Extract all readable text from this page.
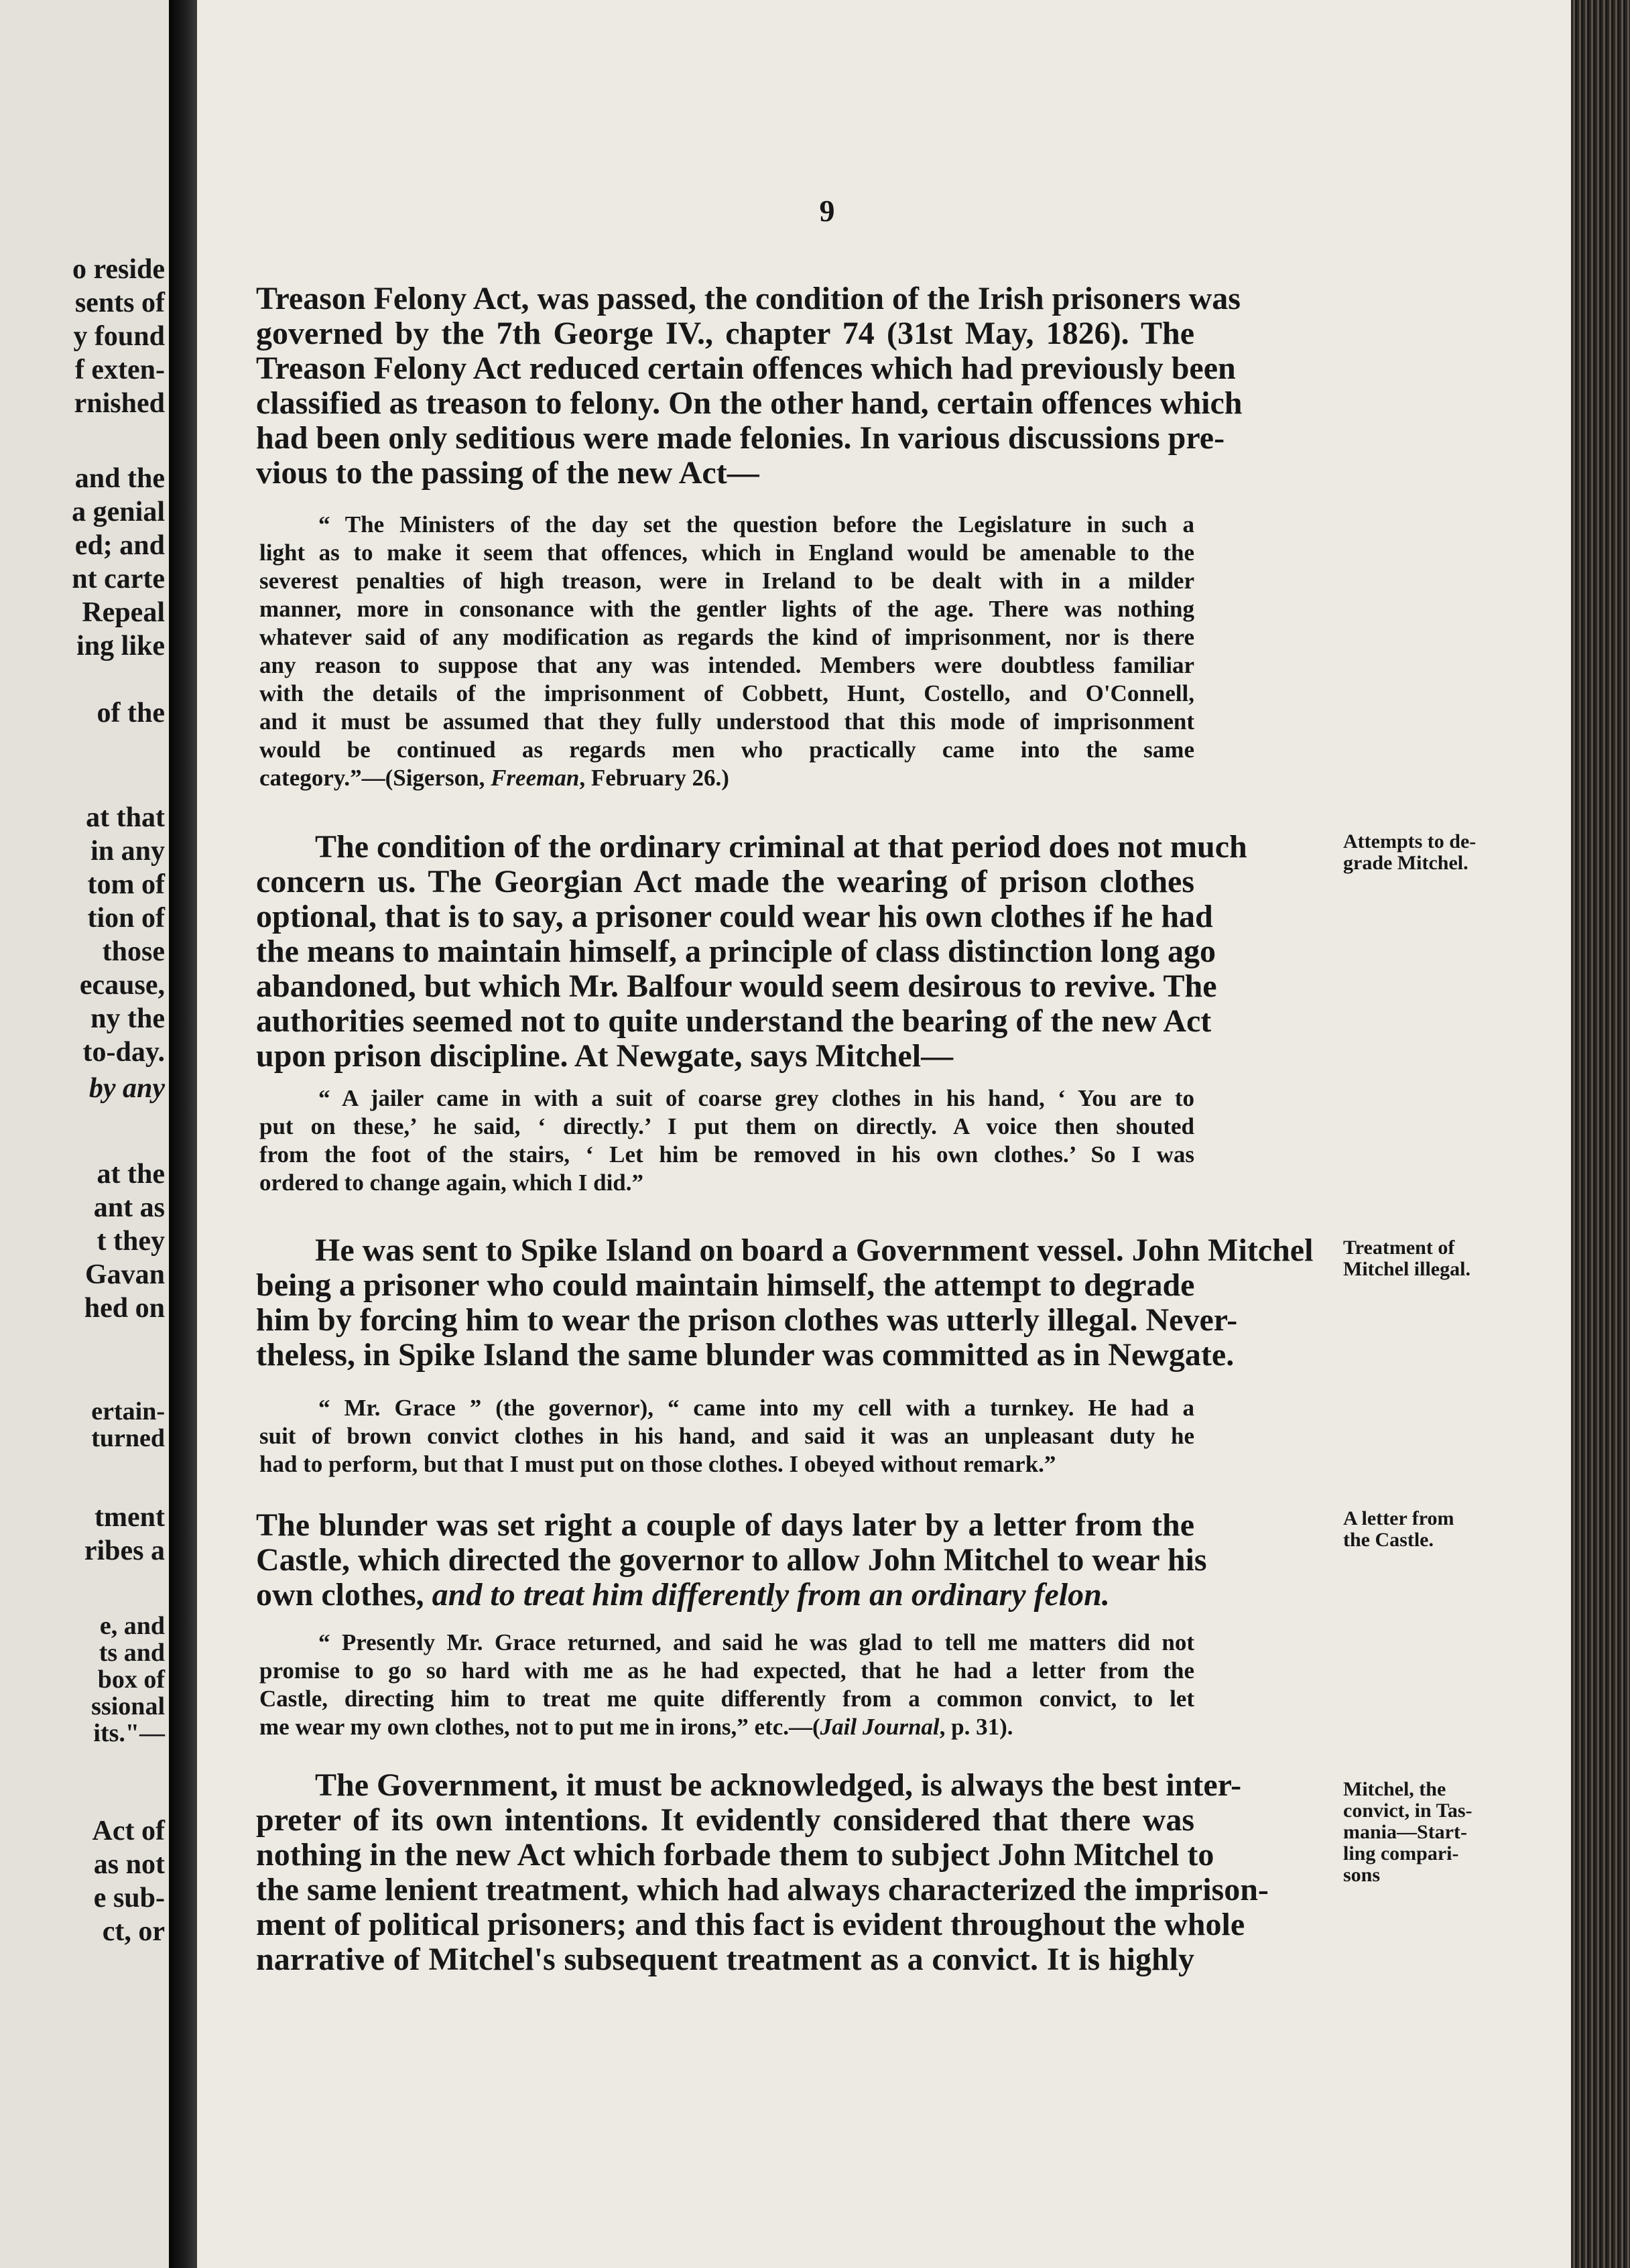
o reside
sents of
y found
f exten-
rnished
and the
a genial
ed; and
nt carte
Repeal
ing like
of the
at that
in any
tom of
tion of
those
ecause,
ny the
to-day.
by any
at the
ant as
t they
Gavan
hed on
ertain-
turned
tment
ribes a
e, and
ts and
box of
ssional
its."—
Act of
as not
e sub-
ct, or
9
Treason Felony Act, was passed, the condition of the Irish prisoners was
governed by the 7th George IV., chapter 74 (31st May, 1826). The
Treason Felony Act reduced certain offences which had previously been
classified as treason to felony. On the other hand, certain offences which
had been only seditious were made felonies. In various discussions pre-
vious to the passing of the new Act—
“ The Ministers of the day set the question before the Legislature in such a
light as to make it seem that offences, which in England would be amenable to the
severest penalties of high treason, were in Ireland to be dealt with in a milder
manner, more in consonance with the gentler lights of the age. There was nothing
whatever said of any modification as regards the kind of imprisonment, nor is there
any reason to suppose that any was intended. Members were doubtless familiar
with the details of the imprisonment of Cobbett, Hunt, Costello, and O'Connell,
and it must be assumed that they fully understood that this mode of imprisonment
would be continued as regards men who practically came into the same
category.”—(Sigerson, Freeman, February 26.)
The condition of the ordinary criminal at that period does not much
concern us. The Georgian Act made the wearing of prison clothes
optional, that is to say, a prisoner could wear his own clothes if he had
the means to maintain himself, a principle of class distinction long ago
abandoned, but which Mr. Balfour would seem desirous to revive. The
authorities seemed not to quite understand the bearing of the new Act
upon prison discipline. At Newgate, says Mitchel—
“ A jailer came in with a suit of coarse grey clothes in his hand, ‘ You are to
put on these,’ he said, ‘ directly.’ I put them on directly. A voice then shouted
from the foot of the stairs, ‘ Let him be removed in his own clothes.’ So I was
ordered to change again, which I did.”
He was sent to Spike Island on board a Government vessel. John Mitchel
being a prisoner who could maintain himself, the attempt to degrade
him by forcing him to wear the prison clothes was utterly illegal. Never-
theless, in Spike Island the same blunder was committed as in Newgate.
“ Mr. Grace ” (the governor), “ came into my cell with a turnkey. He had a
suit of brown convict clothes in his hand, and said it was an unpleasant duty he
had to perform, but that I must put on those clothes. I obeyed without remark.”
The blunder was set right a couple of days later by a letter from the
Castle, which directed the governor to allow John Mitchel to wear his
own clothes, and to treat him differently from an ordinary felon.
“ Presently Mr. Grace returned, and said he was glad to tell me matters did not
promise to go so hard with me as he had expected, that he had a letter from the
Castle, directing him to treat me quite differently from a common convict, to let
me wear my own clothes, not to put me in irons,” etc.—(Jail Journal, p. 31).
The Government, it must be acknowledged, is always the best inter-
preter of its own intentions. It evidently considered that there was
nothing in the new Act which forbade them to subject John Mitchel to
the same lenient treatment, which had always characterized the imprison-
ment of political prisoners; and this fact is evident throughout the whole
narrative of Mitchel's subsequent treatment as a convict. It is highly
Attempts to de-
grade Mitchel.
Treatment of
Mitchel illegal.
A letter from
the Castle.
Mitchel, the
convict, in Tas-
mania—Start-
ling compari-
sons
